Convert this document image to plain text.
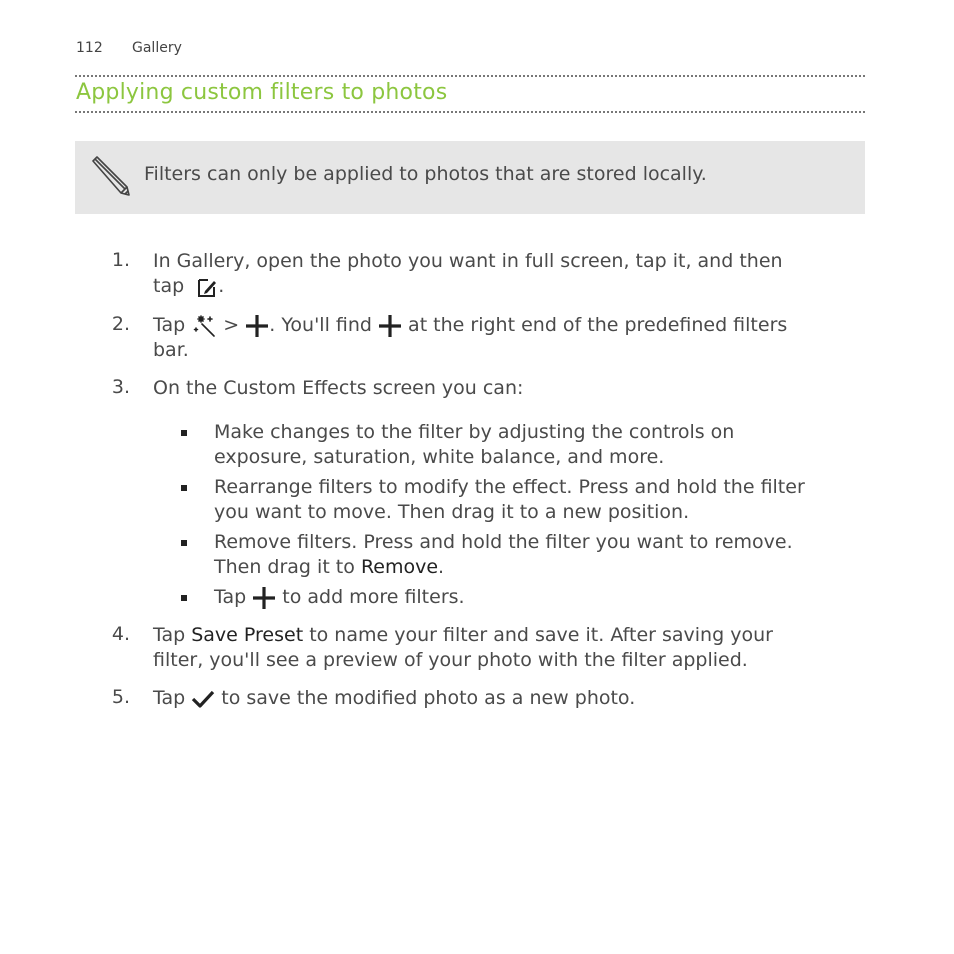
112	Gallery
Applying custom filters to photos
Filters can only be applied to photos that are stored locally.
1. In Gallery, open the photo you want in full screen, tap it, and then
tap .
2. Tap > . You'll find at the right end of the predefined filters
bar.
3. On the Custom Effects screen you can:
Make changes to the filter by adjusting the controls on
exposure, saturation, white balance, and more.
Rearrange filters to modify the effect. Press and hold the filter
you want to move. Then drag it to a new position.
Remove filters. Press and hold the filter you want to remove.
Then drag it to Remove.
Tap to add more filters.
4. Tap Save Preset to name your filter and save it. After saving your
filter, you'll see a preview of your photo with the filter applied.
5. Tap to save the modified photo as a new photo.
